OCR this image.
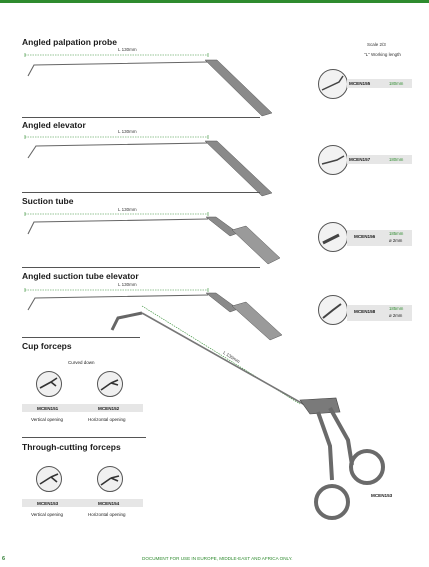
Scale 2/3
"L" Working length
Angled palpation probe
L 130mm
MCEN155	180mm
Angled elevator
L 130mm
MCEN157	180mm
Suction tube
L 130mm
MCEN156
185mm
ø 2mm
Angled suction tube elevator
L 130mm
MCEN158
185mm
ø 2mm
L 130mm
MCEN153
Cup forceps
Curved down
MCEN151	MCEN152
Vertical opening	Horizontal opening
Through-cutting forceps
MCEN153	MCEN154
Vertical opening	Horizontal opening
6	DOCUMENT FOR USE IN EUROPE, MIDDLE-EAST AND AFRICA ONLY.
